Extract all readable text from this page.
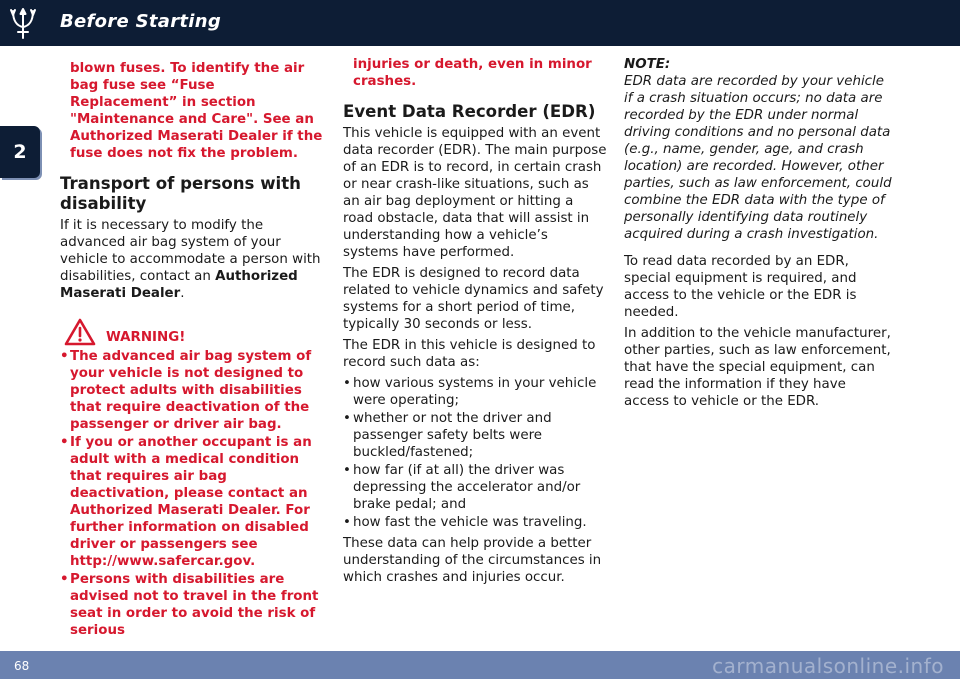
Before Starting
2
blown fuses. To identify the air bag fuse see “Fuse Replacement” in section "Maintenance and Care". See an Authorized Maserati Dealer if the fuse does not fix the problem.
Transport of persons with disability

If it is necessary to modify the advanced air bag system of your vehicle to accommodate a person with disabilities, contact an Authorized Maserati Dealer.

WARNING!
• The advanced air bag system of your vehicle is not designed to protect adults with disabilities that require deactivation of the passenger or driver air bag.
• If you or another occupant is an adult with a medical condition that requires air bag deactivation, please contact an Authorized Maserati Dealer. For further information on disabled driver or passengers see http://www.safercar.gov.
• Persons with disabilities are advised not to travel in the front seat in order to avoid the risk of serious
injuries or death, even in minor crashes.
Event Data Recorder (EDR)

This vehicle is equipped with an event data recorder (EDR). The main purpose of an EDR is to record, in certain crash or near crash-like situations, such as an air bag deployment or hitting a road obstacle, data that will assist in understanding how a vehicle’s systems have performed.

The EDR is designed to record data related to vehicle dynamics and safety systems for a short period of time, typically 30 seconds or less.

The EDR in this vehicle is designed to record such data as:

• how various systems in your vehicle were operating;
• whether or not the driver and passenger safety belts were buckled/fastened;
• how far (if at all) the driver was depressing the accelerator and/or brake pedal; and
• how fast the vehicle was traveling.

These data can help provide a better understanding of the circumstances in which crashes and injuries occur.

NOTE:
EDR data are recorded by your vehicle if a crash situation occurs; no data are recorded by the EDR under normal driving conditions and no personal data (e.g., name, gender, age, and crash location) are recorded. However, other parties, such as law enforcement, could combine the EDR data with the type of personally identifying data routinely acquired during a crash investigation.

To read data recorded by an EDR, special equipment is required, and access to the vehicle or the EDR is needed.

In addition to the vehicle manufacturer, other parties, such as law enforcement, that have the special equipment, can read the information if they have access to vehicle or the EDR.

68	carmanualsonline.info
